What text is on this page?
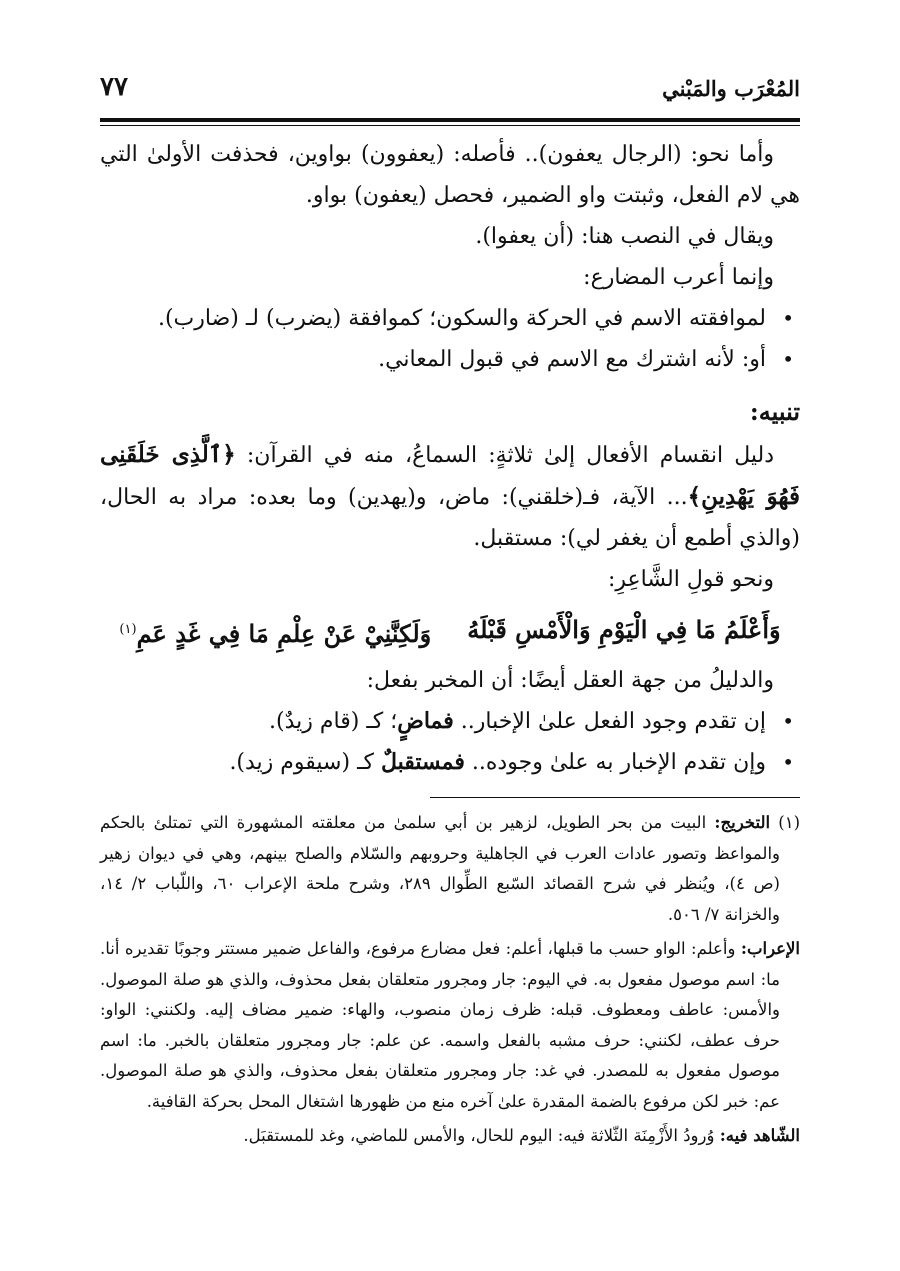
المُعْرَب والمَبْني
٧٧

وأما نحو: (الرجال يعفون).. فأصله: (يعفوون) بواوين، فحذفت الأولىٰ التي هي لام الفعل، وثبتت واو الضمير، فحصل (يعفون) بواو.

ويقال في النصب هنا: (أن يعفوا).

وإنما أعرب المضارع:

• لموافقته الاسم في الحركة والسكون؛ كموافقة (يضرب) لـ (ضارب).
• أو: لأنه اشترك مع الاسم في قبول المعاني.
تنبيه:

دليل انقسام الأفعال إلىٰ ثلاثةٍ: السماعُ، منه في القرآن: ﴿ٱلَّذِى خَلَقَنِى فَهُوَ يَهْدِينِ﴾... الآية، فـ(خلقني): ماض، و(يهدين) وما بعده: مراد به الحال، (والذي أطمع أن يغفر لي): مستقبل.

ونحو قولِ الشَّاعِرِ:

وَأَعْلَمُ مَا فِي الْيَوْمِ وَالْأَمْسِ قَبْلَهُ
وَلَكِنَّنِيْ عَنْ عِلْمِ مَا فِي غَدٍ عَمِ$^{(١)}$

والدليلُ من جهة العقل أيضًا: أن المخبر بفعل:

• إن تقدم وجود الفعل علىٰ الإخبار.. فماضٍ؛ كـ (قام زيدٌ).
• وإن تقدم الإخبار به علىٰ وجوده.. فمستقبلٌ كـ (سيقوم زيد).

(١) التخريج: البيت من بحر الطويل، لزهير بن أبي سلمىٰ من معلقته المشهورة التي تمتلئ بالحكم والمواعظ وتصور عادات العرب في الجاهلية وحروبهم والسّلام والصلح بينهم، وهي في ديوان زهير (ص ٤)، ويُنظر في شرح القصائد السّبع الطِّوال ٢٨٩، وشرح ملحة الإعراب ٦٠، واللّباب ٢/ ١٤، والخزانة ٧/ ٥٠٦.

الإعراب: وأعلم: الواو حسب ما قبلها، أعلم: فعل مضارع مرفوع، والفاعل ضمير مستتر وجوبًا تقديره أنا. ما: اسم موصول مفعول به. في اليوم: جار ومجرور متعلقان بفعل محذوف، والذي هو صلة الموصول. والأمس: عاطف ومعطوف. قبله: ظرف زمان منصوب، والهاء: ضمير مضاف إليه. ولكنني: الواو: حرف عطف، لكنني: حرف مشبه بالفعل واسمه. عن علم: جار ومجرور متعلقان بالخبر. ما: اسم موصول مفعول به للمصدر. في غد: جار ومجرور متعلقان بفعل محذوف، والذي هو صلة الموصول. عم: خبر لكن مرفوع بالضمة المقدرة علىٰ آخره منع من ظهورها اشتغال المحل بحركة القافية.

الشّاهد فيه: وُرودُ الأَزْمِنَة الثّلاثة فيه: اليوم للحال، والأمس للماضي، وغد للمستقبَل.
